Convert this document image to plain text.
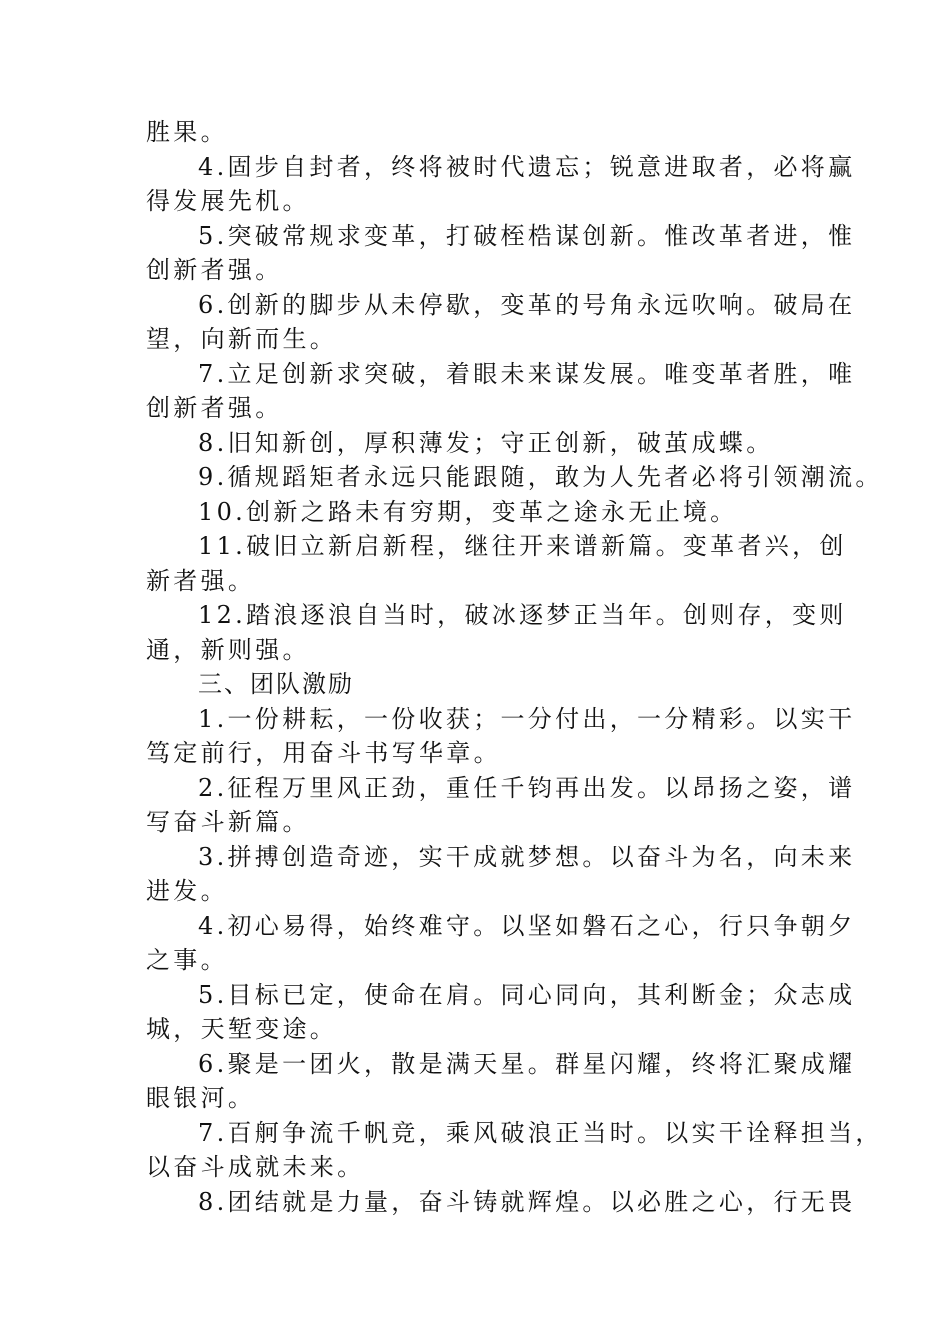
胜果。
4.固步自封者，终将被时代遗忘；锐意进取者，必将赢
得发展先机。
5.突破常规求变革，打破桎梏谋创新。惟改革者进，惟
创新者强。
6.创新的脚步从未停歇，变革的号角永远吹响。破局在
望，向新而生。
7.立足创新求突破，着眼未来谋发展。唯变革者胜，唯
创新者强。
8.旧知新创，厚积薄发；守正创新，破茧成蝶。
9.循规蹈矩者永远只能跟随，敢为人先者必将引领潮流。
10.创新之路未有穷期，变革之途永无止境。
11.破旧立新启新程，继往开来谱新篇。变革者兴，创
新者强。
12.踏浪逐浪自当时，破冰逐梦正当年。创则存，变则
通，新则强。
三、团队激励
1.一份耕耘，一份收获；一分付出，一分精彩。以实干
笃定前行，用奋斗书写华章。
2.征程万里风正劲，重任千钧再出发。以昂扬之姿，谱
写奋斗新篇。
3.拼搏创造奇迹，实干成就梦想。以奋斗为名，向未来
进发。
4.初心易得，始终难守。以坚如磐石之心，行只争朝夕
之事。
5.目标已定，使命在肩。同心同向，其利断金；众志成
城，天堑变途。
6.聚是一团火，散是满天星。群星闪耀，终将汇聚成耀
眼银河。
7.百舸争流千帆竞，乘风破浪正当时。以实干诠释担当，
以奋斗成就未来。
8.团结就是力量，奋斗铸就辉煌。以必胜之心，行无畏
